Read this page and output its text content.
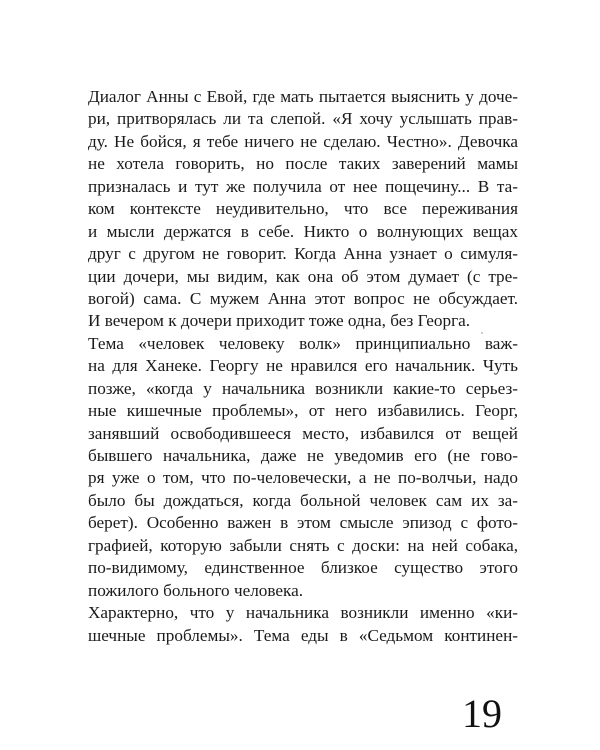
Диалог Анны с Евой, где мать пытается выяснить у доче-
ри, притворялась ли та слепой. «Я хочу услышать прав-
ду. Не бойся, я тебе ничего не сделаю. Честно». Девочка
не хотела говорить, но после таких заверений мамы
призналась и тут же получила от нее пощечину... В та-
ком контексте неудивительно, что все переживания
и мысли держатся в себе. Никто о волнующих вещах
друг с другом не говорит. Когда Анна узнает о симуля-
ции дочери, мы видим, как она об этом думает (с тре-
вогой) сама. С мужем Анна этот вопрос не обсуждает.
И вечером к дочери приходит тоже одна, без Георга.
Тема «человек человеку волк» принципиально важ-
на для Ханеке. Георгу не нравился его начальник. Чуть
позже, «когда у начальника возникли какие-то серьез-
ные кишечные проблемы», от него избавились. Георг,
занявший освободившееся место, избавился от вещей
бывшего начальника, даже не уведомив его (не гово-
ря уже о том, что по-человечески, а не по-волчьи, надо
было бы дождаться, когда больной человек сам их за-
берет). Особенно важен в этом смысле эпизод с фото-
графией, которую забыли снять с доски: на ней собака,
по-видимому, единственное близкое существо этого
пожилого больного человека.
Характерно, что у начальника возникли именно «ки-
шечные проблемы». Тема еды в «Седьмом континен-
19
